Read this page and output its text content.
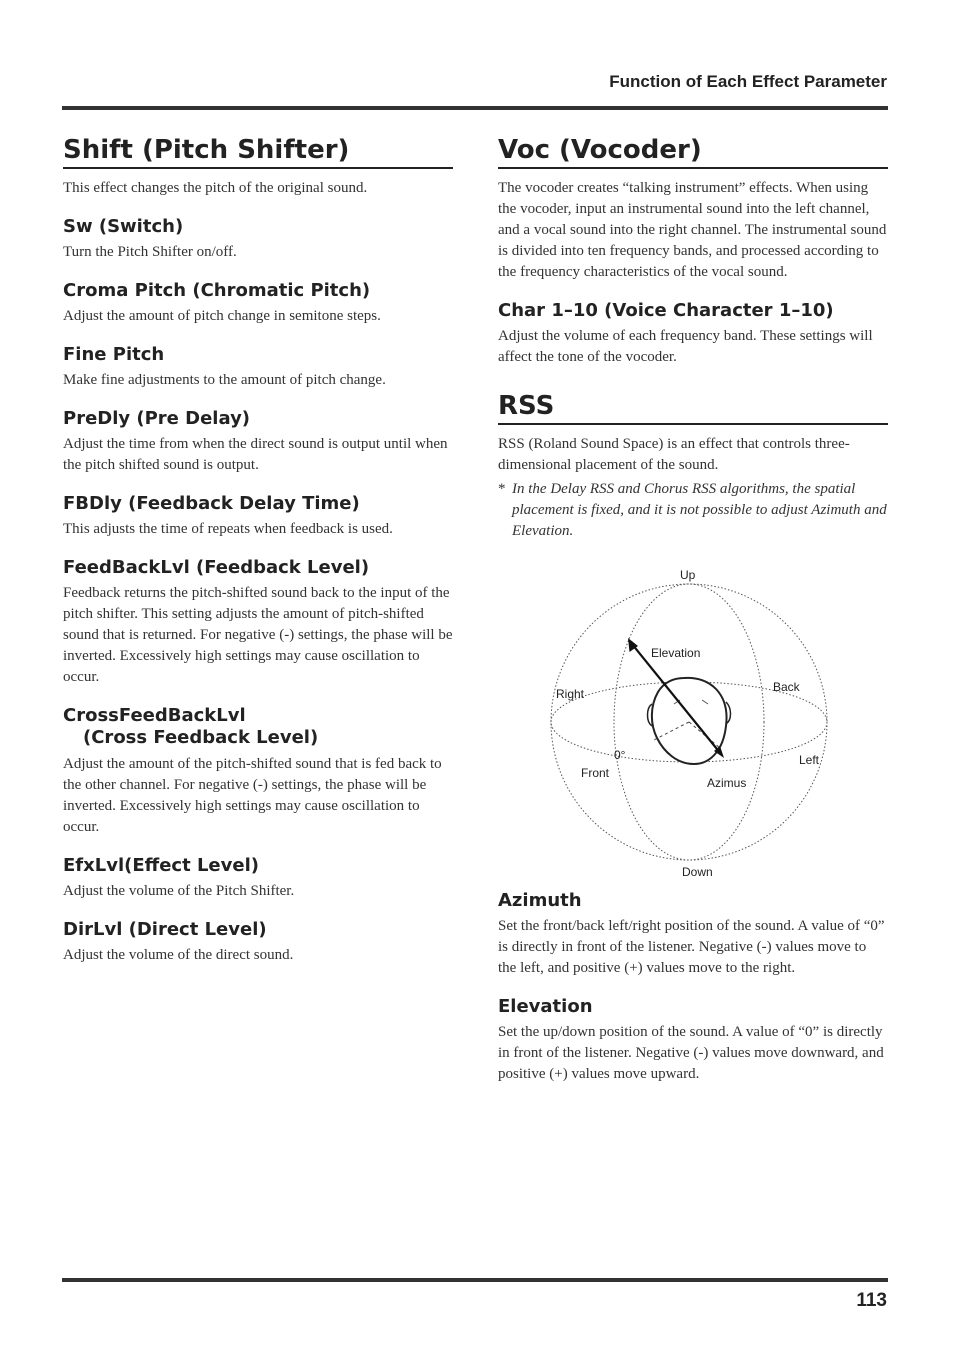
Function of Each Effect Parameter
Shift (Pitch Shifter)

This effect changes the pitch of the original sound.

Sw (Switch)

Turn the Pitch Shifter on/off.

Croma Pitch (Chromatic Pitch)

Adjust the amount of pitch change in semitone steps.

Fine Pitch

Make fine adjustments to the amount of pitch change.

PreDly (Pre Delay)

Adjust the time from when the direct sound is output until when the pitch shifted sound is output.

FBDly (Feedback Delay Time)

This adjusts the time of repeats when feedback is used.

FeedBackLvl (Feedback Level)

Feedback returns the pitch-shifted sound back to the input of the pitch shifter. This setting adjusts the amount of pitch-shifted sound that is returned. For negative (-) settings, the phase will be inverted. Excessively high settings may cause oscillation to occur.

CrossFeedBackLvl
(Cross Feedback Level)

Adjust the amount of the pitch-shifted sound that is fed back to the other channel. For negative (-) settings, the phase will be inverted. Excessively high settings may cause oscillation to occur.

EfxLvl(Effect Level)

Adjust the volume of the Pitch Shifter.

DirLvl (Direct Level)

Adjust the volume of the direct sound.

Voc (Vocoder)

The vocoder creates “talking instrument” effects. When using the vocoder, input an instrumental sound into the left channel, and a vocal sound into the right channel. The instrumental sound is divided into ten frequency bands, and processed according to the frequency characteristics of the vocal sound.

Char 1–10 (Voice Character 1–10)

Adjust the volume of each frequency band. These settings will affect the tone of the vocoder.

RSS

RSS (Roland Sound Space) is an effect that controls three-dimensional placement of the sound.

* In the Delay RSS and Chorus RSS algorithms, the spatial placement is fixed, and it is not possible to adjust Azimuth and Elevation.
Up
Down
Right
Left
Back
Front
Elevation
Azimus
0°
Azimuth

Set the front/back left/right position of the sound. A value of “0” is directly in front of the listener. Negative (-) values move to the left, and positive (+) values move to the right.

Elevation

Set the up/down position of the sound. A value of “0” is directly in front of the listener. Negative (-) values move downward, and positive (+) values move upward.

113
